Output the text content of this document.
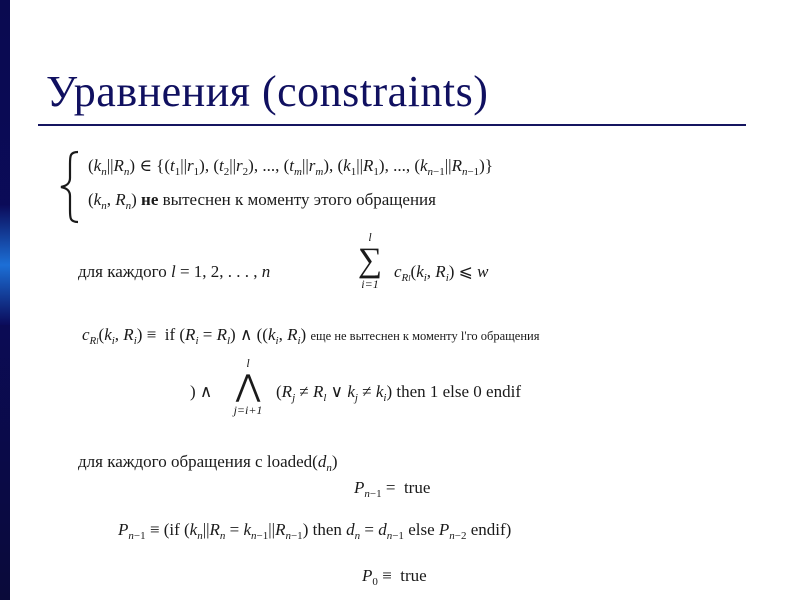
Уравнения (constraints)
$(k_n||R_n)$ ∈ {$(t_1||r_1)$, $(t_2||r_2)$, ..., $(t_m||r_m)$, $(k_1||R_1)$, ..., $(k_{n-1}||R_{n-1})$}
($k_n$, $R_n$) не вытеснен к моменту этого обращения
для каждого l = 1, 2, . . . , n
l
∑
i=1
$c_{Rl}(k_i$, $R_i$) ⩽ w
$c_{Rl}(k_i$, $R_i$) ≡  if $(R_i = R_l)$ ∧ (($k_i$, $R_i$) еще не вытеснен к моменту l'го обращения
) ∧
l
⋀
j=i+1
($R_j \ne R_l$ ∨ $k_j \ne k_i$) then 1 else 0 endif
для каждого обращения с $loaded(d_n)$
$P_{n-1}$ =  true
$P_{n-1} \equiv (if$ $(k_n||R_n = k_{n-1}||R_{n-1})$ then $d_n = d_{n-1}$ else $P_{n-2}$ endif)
$P_0$ ≡  true
